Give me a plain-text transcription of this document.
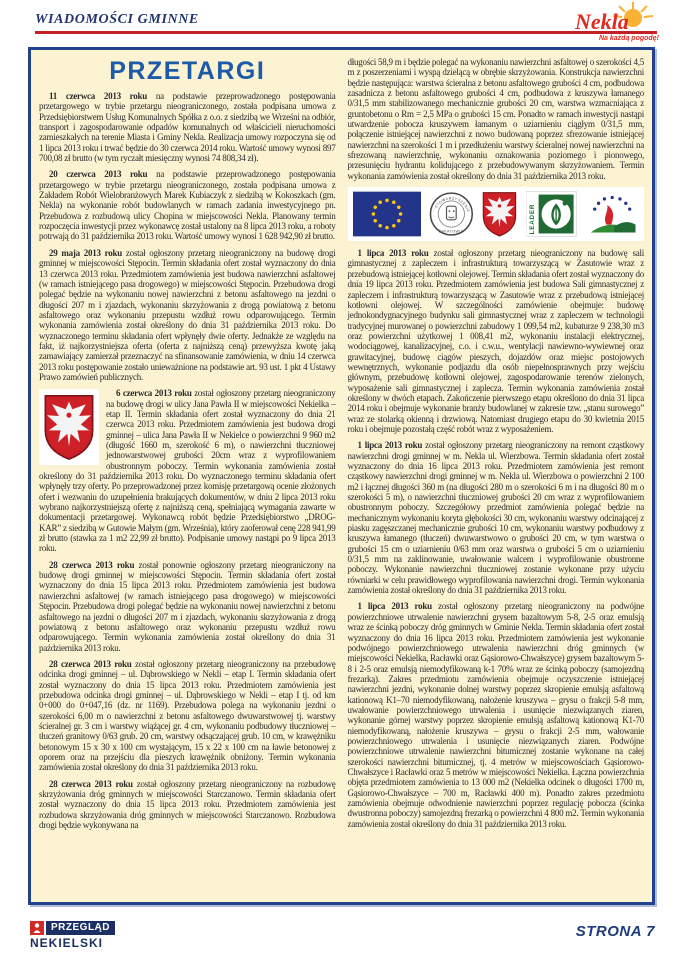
WIADOMOŚCI GMINNE	Nekla
Na każdą pogodę!
PRZETARGI

11 czerwca 2013 roku na podstawie przeprowadzonego postępowania przetargowego w trybie przetargu nieograniczonego, została podpisana umowa z Przedsiębiorstwem Usług Komunalnych Spółka z o.o. z siedzibą we Wrześni na odbiór, transport i zagospodarowanie odpadów komunalnych od właścicieli nieruchomości zamieszkałych na terenie Miasta i Gminy Nekla. Realizacja umowy rozpoczyna się od 1 lipca 2013 roku i trwać będzie do 30 czerwca 2014 roku. Wartość umowy wynosi 897 700,08 zł brutto (w tym ryczałt miesięczny wynosi 74 808,34 zł).

20 czerwca 2013 roku na podstawie przeprowadzonego postępowania przetargowego w trybie przetargu nieograniczonego, została podpisana umowa z Zakładem Robót Wielobranżowych Marek Kubiaczyk z siedzibą w Kokoszkach (gm. Nekla) na wykonanie robót budowlanych w ramach zadania inwestycyjnego pn. Przebudowa z rozbudową ulicy Chopina w miejscowości Nekla. Planowany termin rozpoczęcia inwestycji przez wykonawcę został ustalony na 8 lipca 2013 roku, a roboty potrwają do 31 października 2013 roku. Wartość umowy wynosi 1 628 942,90 zł brutto.

29 maja 2013 roku został ogłoszony przetarg nieograniczony na budowę drogi gminnej w miejscowości Stępocin. Termin składania ofert został wyznaczony do dnia 13 czerwca 2013 roku. Przedmiotem zamówienia jest budowa nawierzchni asfaltowej (w ramach istniejącego pasa drogowego) w miejscowości Stępocin. Przebudowa drogi polegać będzie na wykonaniu nowej nawierzchni z betonu asfaltowego na jezdni o długości 207 m i zjazdach, wykonaniu skrzyżowania z drogą powiatową z betonu asfaltowego oraz wykonaniu przepustu wzdłuż rowu odparowującego. Termin wykonania zamówienia został określony do dnia 31 października 2013 roku. Do wyznaczonego terminu składania ofert wpłynęły dwie oferty. Jednakże ze względu na fakt, iż najkorzystniejsza oferta (oferta z najniższą ceną) przewyższa kwotę jaką zamawiający zamierzał przeznaczyć na sfinansowanie zamówienia, w dniu 14 czerwca 2013 roku postępowanie zostało unieważnione na podstawie art. 93 ust. 1 pkt 4 Ustawy Prawo zamówień publicznych.

6 czerwca 2013 roku został ogłoszony przetarg nieograniczony na budowę drogi w ulicy Jana Pawła II w miejscowości Nekielka – etap II. Termin składania ofert został wyznaczony do dnia 21 czerwca 2013 roku. Przedmiotem zamówienia jest budowa drogi gminnej – ulica Jana Pawła II w Nekielce o powierzchni 9 960 m2 (długość 1660 m, szerokość 6 m), o nawierzchni tłuczniowej jednowarstwowej grubości 20cm wraz z wyprofilowaniem obustronnym poboczy. Termin wykonania zamówienia został określony do 31 października 2013 roku. Do wyznaczonego terminu składania ofert wpłynęły trzy oferty. Po przeprowadzonej przez komisję przetargową ocenie złożonych ofert i wezwaniu do uzupełnienia brakujących dokumentów, w dniu 2 lipca 2013 roku wybrano najkorzystniejszą ofertę z najniższą ceną, spełniającą wymagania zawarte w dokumentacji przetargowej. Wykonawcą robót będzie Przedsiębiorstwo „DROG-KAR” z siedzibą w Gutowie Małym (gm. Września), który zaoferował cenę 228 941,99 zł brutto (stawka za 1 m2 22,99 zł brutto). Podpisanie umowy nastąpi po 9 lipca 2013 roku.

28 czerwca 2013 roku został ponownie ogłoszony przetarg nieograniczony na budowę drogi gminnej w miejscowości Stępocin. Termin składania ofert został wyznaczony do dnia 15 lipca 2013 roku. Przedmiotem zamówienia jest budowa nawierzchni asfaltowej (w ramach istniejącego pasa drogowego) w miejscowości Stępocin. Przebudowa drogi polegać będzie na wykonaniu nowej nawierzchni z betonu asfaltowego na jezdni o długości 207 m i zjazdach, wykonaniu skrzyżowania z drogą powiatową z betonu asfaltowego oraz wykonaniu przepustu wzdłuż rowu odparowującego. Termin wykonania zamówienia został określony do dnia 31 października 2013 roku.

28 czerwca 2013 roku został ogłoszony przetarg nieograniczony na przebudowę odcinka drogi gminnej – ul. Dąbrowskiego w Nekli – etap I. Termin składania ofert został wyznaczony do dnia 15 lipca 2013 roku. Przedmiotem zamówienia jest przebudowa odcinka drogi gminnej – ul. Dąbrowskiego w Nekli – etap I tj. od km 0+000 do 0+047,16 (dz. nr 1169). Przebudowa polega na wykonaniu jezdni o szerokości 6,00 m o nawierzchni z betonu asfaltowego dwuwarstwowej tj. warstwy ścieralnej gr. 3 cm i warstwy wiążącej gr. 4 cm, wykonaniu podbudowy tłuczniowej – tłuczeń granitowy 0/63 grub. 20 cm, warstwy odsączającej grub. 10 cm, w krawężniku betonowym 15 x 30 x 100 cm wystającym, 15 x 22 x 100 cm na ławie betonowej z oporem oraz na przejściu dla pieszych krawężnik obniżony. Termin wykonania zamówienia został określony do dnia 31 października 2013 roku.

28 czerwca 2013 roku został ogłoszony przetarg nieograniczony na rozbudowę skrzyżowania dróg gminnych w miejscowości Starczanowo. Termin składania ofert został wyznaczony do dnia 15 lipca 2013 roku. Przedmiotem zamówienia jest rozbudowa skrzyżowania dróg gminnych w miejscowości Starczanowo. Rozbudowa drogi będzie wykonywana na

długości 58,9 m i będzie polegać na wykonaniu nawierzchni asfaltowej o szerokości 4,5 m z poszerzeniami i wyspą dzielącą w obrębie skrzyżowania. Konstrukcja nawierzchni będzie następująca: warstwa ścieralna z betonu asfaltowego grubości 4 cm, podbudowa zasadnicza z betonu asfaltowego grubości 4 cm, podbudowa z kruszywa łamanego 0/31,5 mm stabilizowanego mechanicznie grubości 20 cm, warstwa wzmacniająca z gruntobetonu o Rm = 2,5 MPa o grubości 15 cm. Ponadto w ramach inwestycji nastąpi utwardzenie pobocza kruszywem łamanym o uziarnieniu ciągłym 0/31,5 mm, połączenie istniejącej nawierzchni z nowo budowaną poprzez sfrezowanie istniejącej nawierzchni na szerokości 1 m i przedłużeniu warstwy ścieralnej nowej nawierzchni na sfrezowaną nawierzchnię, wykonaniu oznakowania poziomego i pionowego, przesunięciu hydrantu kolidującego z przebudowywanym skrzyżowaniem. Termin wykonania zamówienia został określony do dnia 31 października 2013 roku.

STOWARZYSZENIE
ŚWIATOWID	LEADER

1 lipca 2013 roku został ogłoszony przetarg nieograniczony na budowę sali gimnastycznej z zapleczem i infrastrukturą towarzyszącą w Zasutowie wraz z przebudową istniejącej kotłowni olejowej. Termin składania ofert został wyznaczony do dnia 19 lipca 2013 roku. Przedmiotem zamówienia jest budowa Sali gimnastycznej z zapleczem i infrastrukturą towarzyszącą w Zasutowie wraz z przebudową istniejącej kotłowni olejowej. W szczególności zamówienie obejmuje: budowę jednokondygnacyjnego budynku sali gimnastycznej wraz z zapleczem w technologii tradycyjnej murowanej o powierzchni zabudowy 1 099,54 m2, kubaturze 9 238,30 m3 oraz powierzchni użytkowej 1 008,41 m2, wykonaniu instalacji elektrycznej, wodociągowej, kanalizacyjnej, c.o. i c.w.u., wentylacji nawiewno-wywiewnej oraz grawitacyjnej, budowę ciągów pieszych, dojazdów oraz miejsc postojowych wewnętrznych, wykonanie podjazdu dla osób niepełnosprawnych przy wejściu głównym, przebudowę kotłowni olejowej, zagospodarowanie terenów zielonych, wyposażenie sali gimnastycznej i zaplecza. Termin wykonania zamówienia został określony w dwóch etapach. Zakończenie pierwszego etapu określono do dnia 31 lipca 2014 roku i obejmuje wykonanie branży budowlanej w zakresie tzw. „stanu surowego” wraz ze stolarką okienną i drzwiową. Natomiast drugiego etapu do 30 kwietnia 2015 roku i obejmuje pozostałą część robót wraz z wyposażeniem.

1 lipca 2013 roku został ogłoszony przetarg nieograniczony na remont cząstkowy nawierzchni drogi gminnej w m. Nekla ul. Wierzbowa. Termin składania ofert został wyznaczony do dnia 16 lipca 2013 roku. Przedmiotem zamówienia jest remont cząstkowy nawierzchni drogi gminnej w m. Nekla ul. Wierzbowa o powierzchni 2 100 m2 i łącznej długości 360 m (na długości 280 m o szerokości 6 m i na długości 80 m o szerokości 5 m), o nawierzchni tłuczniowej grubości 20 cm wraz z wyprofilowaniem obustronnym poboczy. Szczegółowy przedmiot zamówienia polegać będzie na mechanicznym wykonaniu koryta głębokości 30 cm, wykonaniu warstwy odcinającej z piasku zagęszczanej mechanicznie grubości 10 cm, wykonaniu warstwy podbudowy z kruszywa łamanego (tłuczeń) dwuwarstwowo o grubości 20 cm, w tym warstwa o grubości 15 cm o uziarnieniu 0/63 mm oraz warstwa o grubości 5 cm o uziarnieniu 0/31,5 mm na zaklinowanie, uwałowanie walcem i wyprofilowanie obustronne poboczy. Wykonanie nawierzchni tłuczniowej zostanie wykonane przy użyciu równiarki w celu prawidłowego wyprofilowania nawierzchni drogi. Termin wykonania zamówienia został określony do dnia 31 października 2013 roku.

1 lipca 2013 roku został ogłoszony przetarg nieograniczony na podwójne powierzchniowe utrwalenie nawierzchni grysem bazaltowym 5-8, 2-5 oraz emulsją wraz ze ścinką poboczy dróg gminnych w Gminie Nekla. Termin składania ofert został wyznaczony do dnia 16 lipca 2013 roku. Przedmiotem zamówienia jest wykonanie podwójnego powierzchniowego utrwalenia nawierzchni dróg gminnych (w miejscowości Nekielka, Racławki oraz Gąsiorowo-Chwałszyce) grysem bazaltowym 5-8 i 2-5 oraz emulsją niemodyfikowaną k-1 70% wraz ze ścinką poboczy (samojezdną frezarką). Zakres przedmiotu zamówienia obejmuje oczyszczenie istniejącej nawierzchni jezdni, wykonanie dolnej warstwy poprzez skropienie emulsją asfaltową kationową K1–70 niemodyfikowaną, nałożenie kruszywa – grysu o frakcji 5-8 mm, uwałowanie powierzchniowego utrwalenia i usunięcie niezwiązanych ziaren, wykonanie górnej warstwy poprzez skropienie emulsją asfaltową kationową K1-70 niemodyfikowaną, nałożenie kruszywa – grysu o frakcji 2-5 mm, wałowanie powierzchniowego utrwalenia i usunięcie niezwiązanych ziaren. Podwójne powierzchniowe utrwalenie nawierzchni bitumicznej zostanie wykonane na całej szerokości nawierzchni bitumicznej, tj. 4 metrów w miejscowościach Gąsiorowo-Chwałszyce i Racławki oraz 5 metrów w miejscowości Nekielka. Łączna powierzchnia objęta przedmiotem zamówienia to 13 000 m2 (Nekielka odcinek o długości 1700 m, Gąsiorowo-Chwałszyce – 700 m, Racławki 400 m). Ponadto zakres przedmiotu zamówienia obejmuje odwodnienie nawierzchni poprzez regulację pobocza (ścinka dwustronna poboczy) samojezdną frezarką o powierzchni 4 800 m2. Termin wykonania zamówienia został określony do dnia 31 października 2013 roku.

PRZEGLĄD
NEKIELSKI
STRONA 7
